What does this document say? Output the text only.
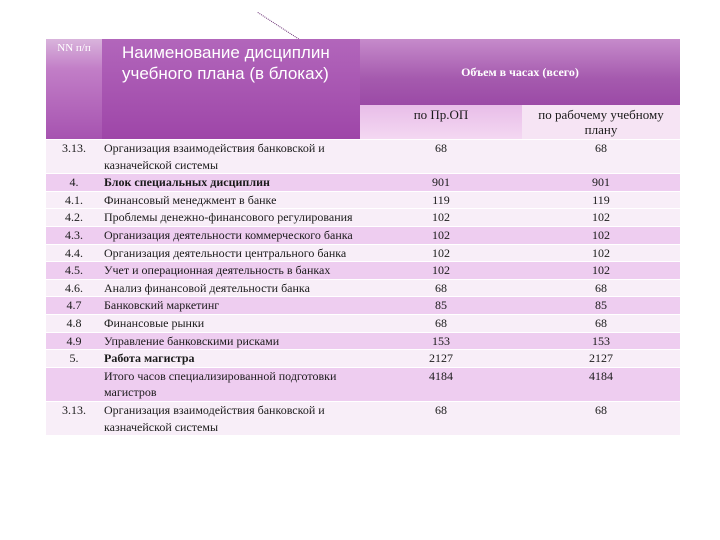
NN п/п	Наименование дисциплин учебного плана (в блоках)	Объем в часах (всего)	
		по Пр.ОП	по рабочему учебному плану
3.13.	Организация взаимодействия банковской и казначейской системы	68	68
4.	Блок специальных дисциплин	901	901
4.1.	Финансовый менеджмент в банке	119	119
4.2.	Проблемы денежно-финансового регулирования	102	102
4.3.	Организация деятельности коммерческого банка	102	102
4.4.	Организация деятельности центрального банка	102	102
4.5.	Учет и операционная деятельность в банках	102	102
4.6.	Анализ финансовой деятельности банка	68	68
4.7	Банковский маркетинг	85	85
4.8	Финансовые рынки	68	68
4.9	Управление банковскими рисками	153	153
5.	Работа магистра	2127	2127
	Итого часов специализированной подготовки магистров	4184	4184
3.13.	Организация взаимодействия банковской и казначейской системы	68	68
